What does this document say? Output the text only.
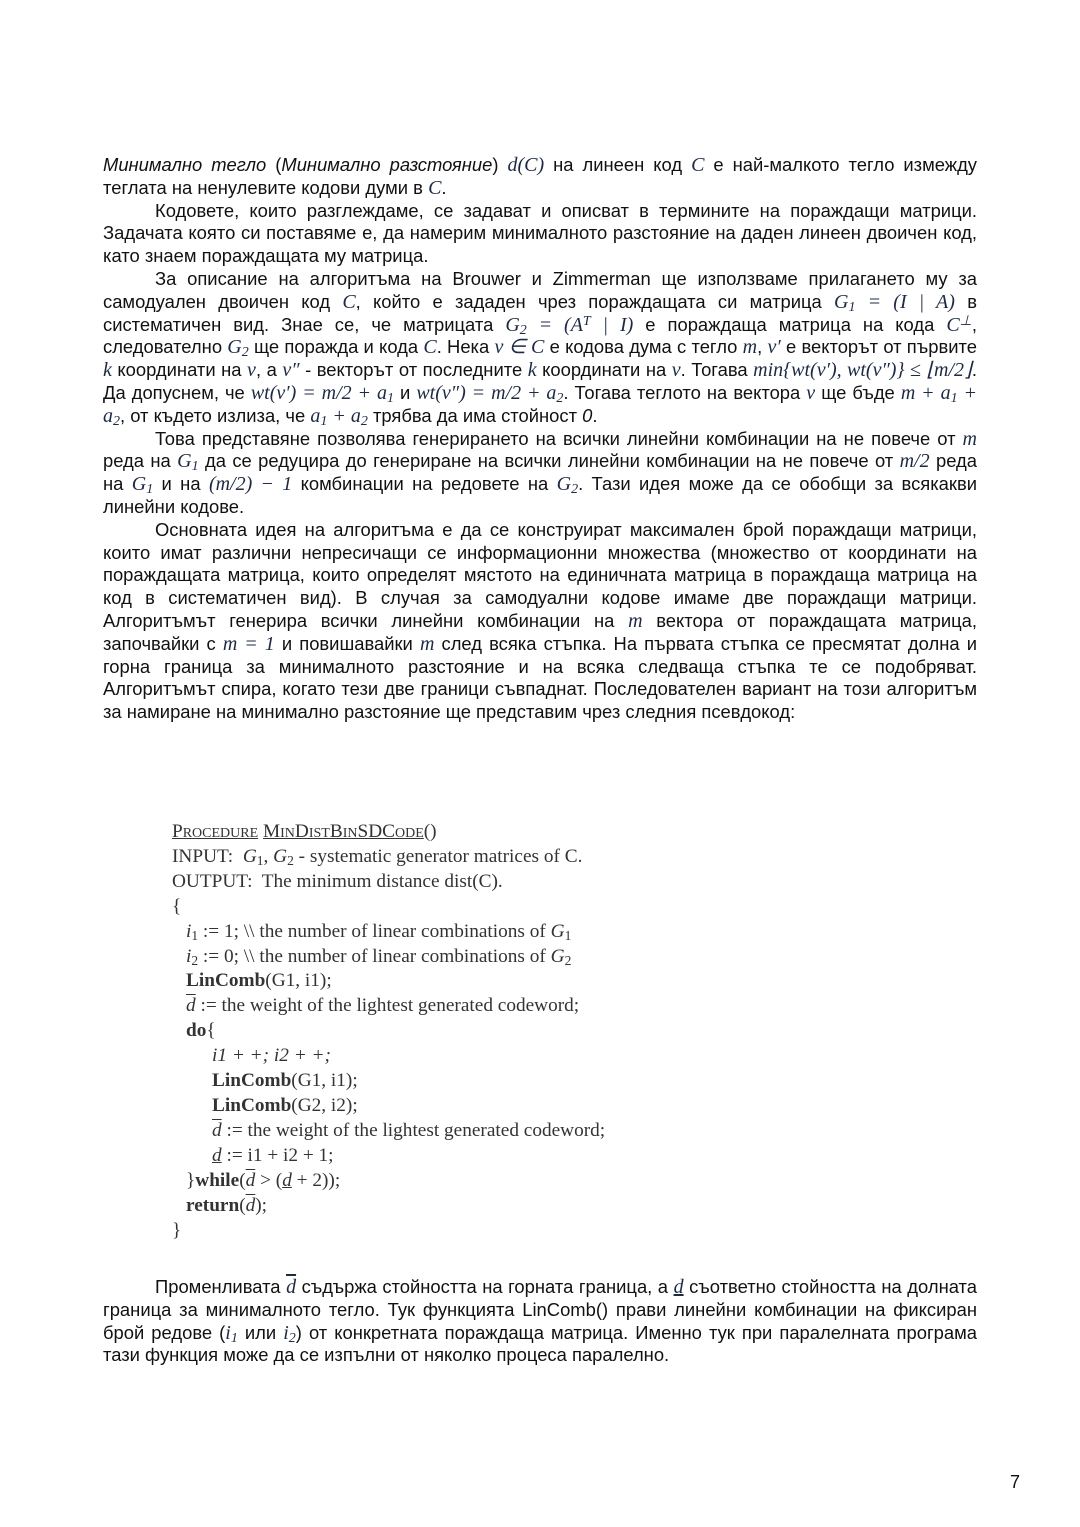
Минимално тегло (Минимално разстояние) d(C) на линеен код C е най-малкото тегло измежду теглата на ненулевите кодови думи в C.

Кодовете, които разглеждаме, се задават и описват в термините на пораждащи матрици. Задачата която си поставяме е, да намерим минималното разстояние на даден линеен двоичен код, като знаем пораждащата му матрица.

За описание на алгоритъма на Brouwer и Zimmerman ще използваме прилагането му за самодуален двоичен код C, който е зададен чрез пораждащата си матрица $G_1 = (I$ | A) в систематичен вид. Знае се, че матрицата $G_2 = (A^T$ | I) е пораждаща матрица на кода C⊥, следователно $G_2$ ще поражда и кода C. Нека v ∈ C е кодова дума с тегло m, v′ е векторът от първите k координати на v, а v″ - векторът от последните k координати на v. Тогава min{wt(v′), wt(v″)} ≤ ⌊m/2⌋. Да допуснем, че $wt(v') = m/2 + a_1$ и $wt(v'') = m/2 + a_2$. Тогава теглото на вектора v ще бъде $m + a_1 + a_2$, от където излиза, че $a_1 + a_2$ трябва да има стойност 0.

Това представяне позволява генерирането на всички линейни комбинации на не повече от m реда на $G_1$ да се редуцира до генериране на всички линейни комбинации на не повече от m/2 реда на $G_1$ и на (m/2) − 1 комбинации на редовете на $G_2$. Тази идея може да се обобщи за всякакви линейни кодове.

Основната идея на алгоритъма е да се конструират максимален брой пораждащи матрици, които имат различни непресичащи се информационни множества (множество от координати на пораждащата матрица, които определят мястото на единичната матрица в пораждаща матрица на код в систематичен вид). В случая за самодуални кодове имаме две пораждащи матрици. Алгоритъмът генерира всички линейни комбинации на m вектора от пораждащата матрица, започвайки с m = 1 и повишавайки m след всяка стъпка. На първата стъпка се пресмятат долна и горна граница за минималното разстояние и на всяка следваща стъпка те се подобряват. Алгоритъмът спира, когато тези две граници съвпаднат. Последователен вариант на този алгоритъм за намиране на минимално разстояние ще представим чрез следния псевдокод:

Procedure MinDistBinSDCode()
INPUT: $G_1$, $G_2$ - systematic generator matrices of C.
OUTPUT: The minimum distance dist(C).
{
$i_1$ := 1; \\ the number of linear combinations of $G_1$
$i_2$ := 0; \\ the number of linear combinations of $G_2$
LinComb(G1, i1);
$\overline{d}$ := the weight of the lightest generated codeword;
do{
i1 + +; i2 + +;
LinComb(G1, i1);
LinComb(G2, i2);
$\overline{d}$ := the weight of the lightest generated codeword;
d := i1 + i2 + 1;
}$while(\overline{d} > (d + 2))$;
$return(\overline{d})$;
}

Променливата $\overline{d}$ съдържа стойността на горната граница, а d съответно стойността на долната граница за минималното тегло. Тук функцията LinComb() прави линейни комбинации на фиксиран брой редове ($i_1$ или $i_2$) от конкретната пораждаща матрица. Именно тук при паралелната програма тази функция може да се изпълни от няколко процеса паралелно.

7
